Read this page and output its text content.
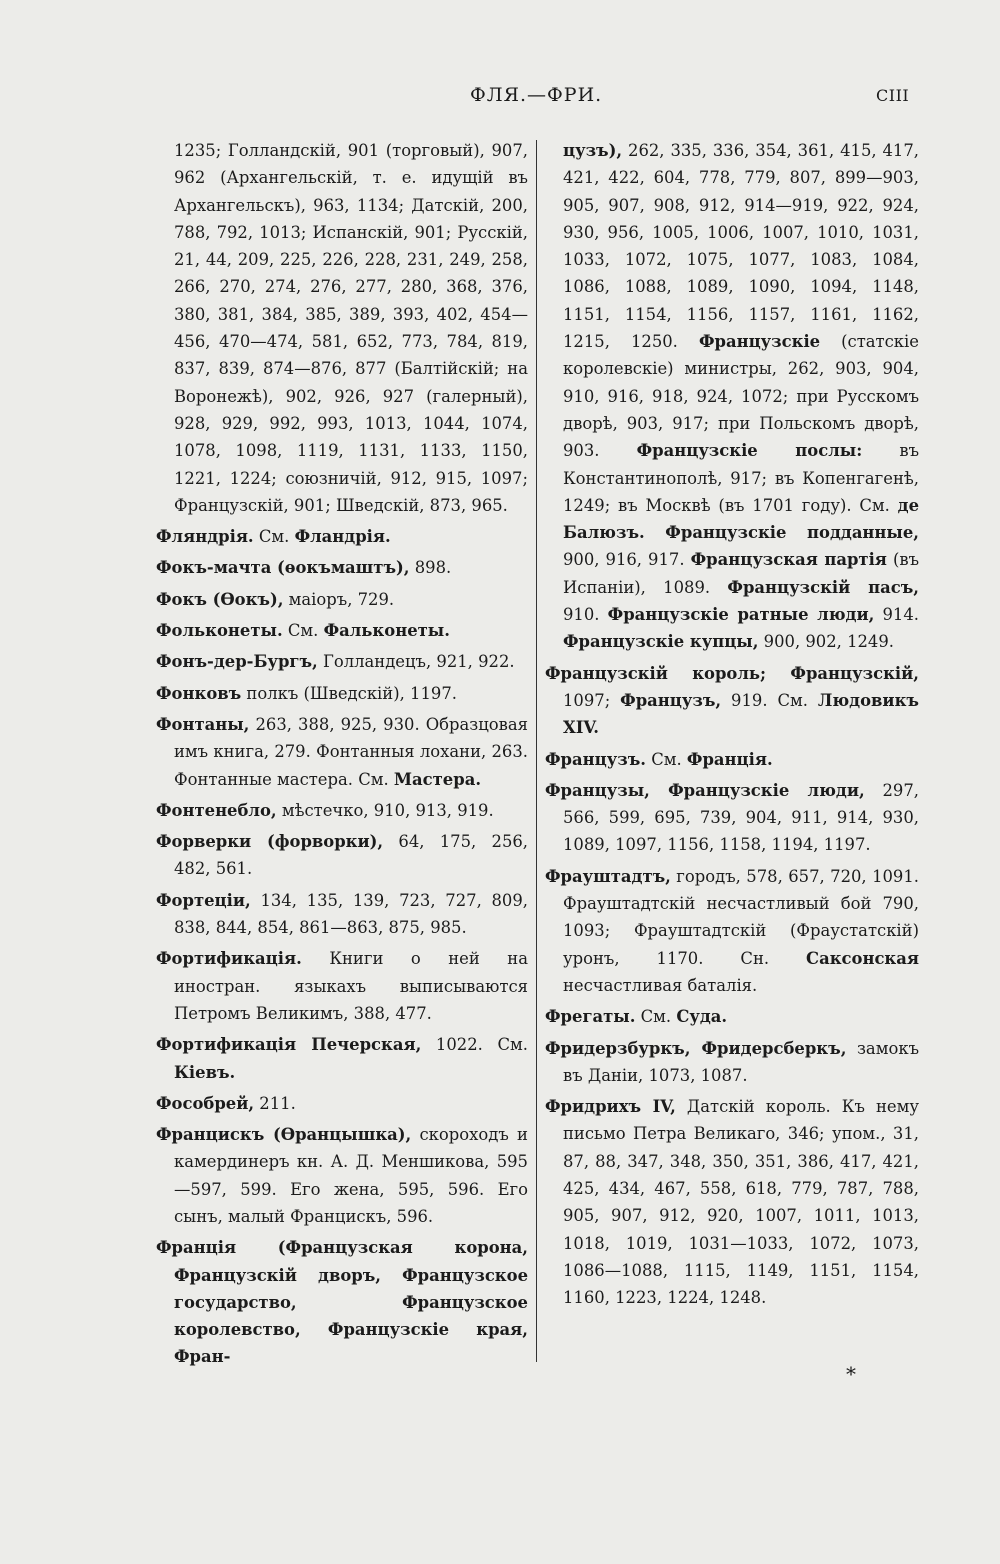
ФЛЯ.—ФРИ.	CIII

1235; Голландскій, 901 (торговый), 907, 962 (Архангельскій, т. е. идущій въ Архангельскъ), 963, 1134; Датскій, 200, 788, 792, 1013; Испанскій, 901; Русскій, 21, 44, 209, 225, 226, 228, 231, 249, 258, 266, 270, 274, 276, 277, 280, 368, 376, 380, 381, 384, 385, 389, 393, 402, 454—456, 470—474, 581, 652, 773, 784, 819, 837, 839, 874—876, 877 (Балтійскій; на Воронежѣ), 902, 926, 927 (галерный), 928, 929, 992, 993, 1013, 1044, 1074, 1078, 1098, 1119, 1131, 1133, 1150, 1221, 1224; союзничій, 912, 915, 1097; Французскій, 901; Шведскій, 873, 965.

Фляндрія. См. Фландрія.

Фокъ-мачта (ѳокъмаштъ), 898.

Фокъ (Ѳокъ), маіоръ, 729.

Фольконеты. См. Фальконеты.

Фонъ-дер-Бургъ, Голландецъ, 921, 922.

Фонковъ полкъ (Шведскій), 1197.

Фонтаны, 263, 388, 925, 930. Образцовая имъ книга, 279. Фонтанныя лохани, 263. Фонтанные мастера. См. Мастера.

Фонтенебло, мѣстечко, 910, 913, 919.

Форверки (форворки), 64, 175, 256, 482, 561.

Фортеціи, 134, 135, 139, 723, 727, 809, 838, 844, 854, 861—863, 875, 985.

Фортификація. Книги о ней на иностран. языкахъ выписываются Петромъ Великимъ, 388, 477.

Фортификація Печерская, 1022. См. Кіевъ.

Фособрей, 211.

Францискъ (Ѳранцышка), скороходъ и камердинеръ кн. А. Д. Меншикова, 595—597, 599. Его жена, 595, 596. Его сынъ, малый Францискъ, 596.

Франція (Французская корона, Французскій дворъ, Французское государство, Французское королевство, Французскіе края, Фран-

цузъ), 262, 335, 336, 354, 361, 415, 417, 421, 422, 604, 778, 779, 807, 899—903, 905, 907, 908, 912, 914—919, 922, 924, 930, 956, 1005, 1006, 1007, 1010, 1031, 1033, 1072, 1075, 1077, 1083, 1084, 1086, 1088, 1089, 1090, 1094, 1148, 1151, 1154, 1156, 1157, 1161, 1162, 1215, 1250. Французскіе (статскіе королевскіе) министры, 262, 903, 904, 910, 916, 918, 924, 1072; при Русскомъ дворѣ, 903, 917; при Польскомъ дворѣ, 903. Французскіе послы: въ Константинополѣ, 917; въ Копенгагенѣ, 1249; въ Москвѣ (въ 1701 году). См. де Балюзъ. Французскіе подданные, 900, 916, 917. Французская партія (въ Испаніи), 1089. Французскій пасъ, 910. Французскіе ратные люди, 914. Французскіе купцы, 900, 902, 1249.

Французскій король; Французскій, 1097; Французъ, 919. См. Людовикъ XIV.

Французъ. См. Франція.

Французы, Французскіе люди, 297, 566, 599, 695, 739, 904, 911, 914, 930, 1089, 1097, 1156, 1158, 1194, 1197.

Фрауштадтъ, городъ, 578, 657, 720, 1091. Фрауштадтскій несчастливый бой 790, 1093; Фрауштадтскій (Фраустатскій) уронъ, 1170. Сн. Саксонская несчастливая баталія.

Фрегаты. См. Суда.

Фридерзбуркъ, Фридерсберкъ, замокъ въ Даніи, 1073, 1087.

Фридрихъ IV, Датскій король. Къ нему письмо Петра Великаго, 346; упом., 31, 87, 88, 347, 348, 350, 351, 386, 417, 421, 425, 434, 467, 558, 618, 779, 787, 788, 905, 907, 912, 920, 1007, 1011, 1013, 1018, 1019, 1031—1033, 1072, 1073, 1086—1088, 1115, 1149, 1151, 1154, 1160, 1223, 1224, 1248.

*
